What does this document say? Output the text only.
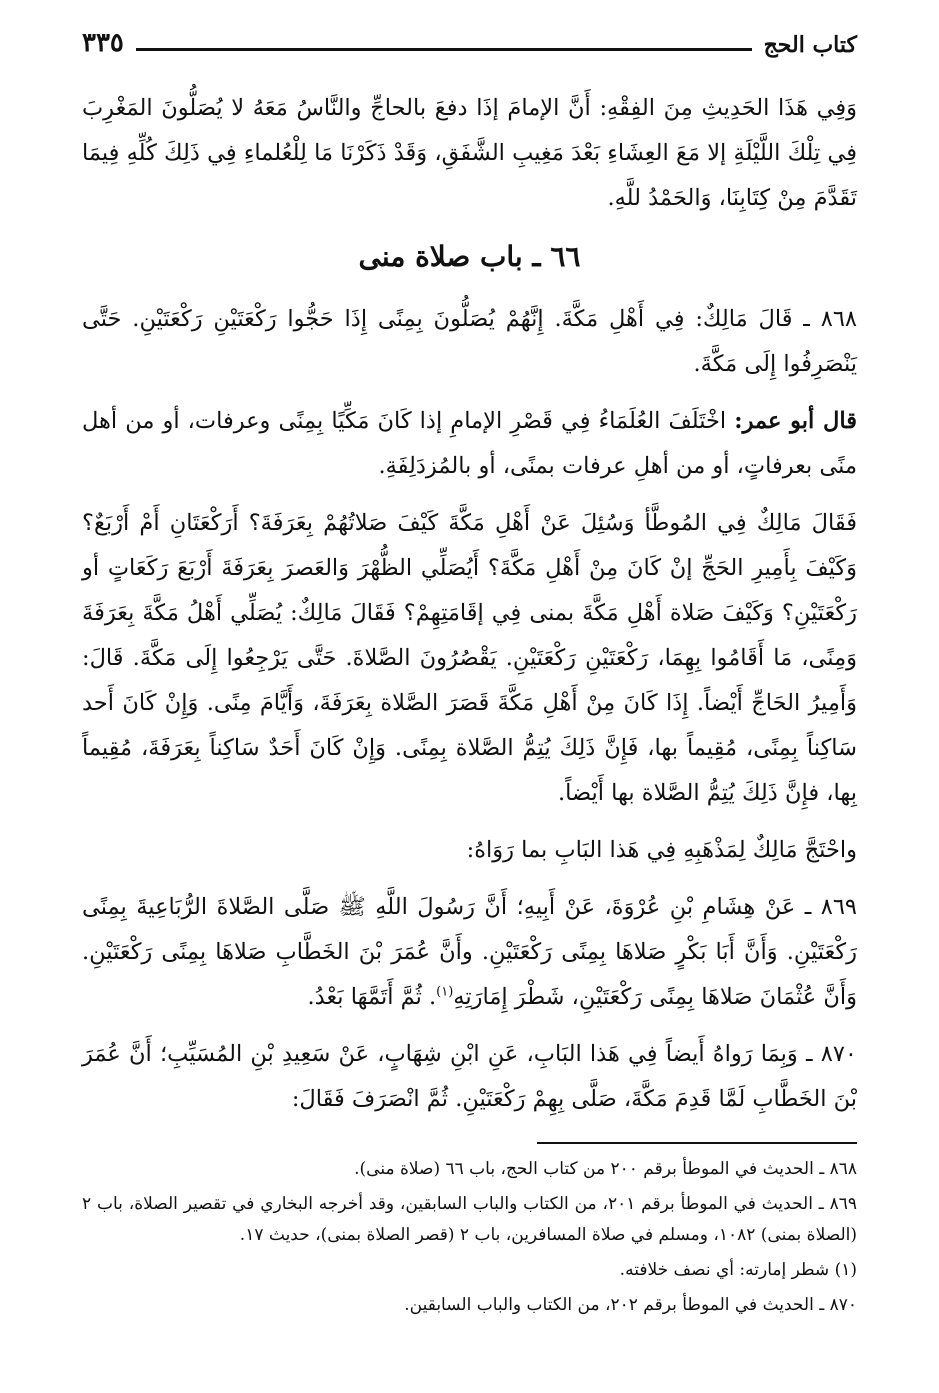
كتاب الحج
٣٣٥

وَفِي هَذَا الحَدِيثِ مِنَ الفِقْهِ: أَنَّ الإمامَ إذَا دفعَ بالحاجِّ والنَّاسُ مَعَهُ لا يُصَلُّونَ المَغْرِبَ فِي تِلْكَ اللَّيْلَةِ إلا مَعَ العِشَاءِ بَعْدَ مَغِيبِ الشَّفَقِ، وَقَدْ ذَكَرْنَا مَا لِلْعُلماءِ فِي ذَلِكَ كُلِّهِ فِيمَا تَقَدَّمَ مِنْ كِتَابِنَا، وَالحَمْدُ للَّهِ.

٦٦ ـ باب صلاة منى

٨٦٨ ـ قَالَ مَالِكٌ: فِي أَهْلِ مَكَّةَ. إِنَّهُمْ يُصَلُّونَ بِمِنًى إِذَا حَجُّوا رَكْعَتَيْنِ رَكْعَتَيْنِ. حَتَّى يَنْصَرِفُوا إِلَى مَكَّةَ.

قال أبو عمر: اخْتَلَفَ العُلَمَاءُ فِي قَصْرِ الإمامِ إذا كَانَ مَكِّيًا بِمِنًى وعرفات، أو من أهل منًى بعرفاتٍ، أو من أهلِ عرفات بمنًى، أو بالمُزدَلِفَةِ.

فَقَالَ مَالِكٌ فِي المُوطَّأ وَسُئِلَ عَنْ أَهْلِ مَكَّةَ كَيْفَ صَلاتُهُمْ بِعَرَفَةَ؟ أَرَكْعَتَانِ أَمْ أَرْبَعٌ؟ وَكَيْفَ بِأَمِيرِ الحَجِّ إنْ كَانَ مِنْ أَهْلِ مَكَّةَ؟ أَيُصَلِّي الظُّهْرَ وَالعَصرَ بِعَرَفَةَ أَرْبَعَ رَكَعَاتٍ أو رَكْعَتَيْنِ؟ وَكَيْفَ صَلاة أَهْلِ مَكَّةَ بمنى فِي إقَامَتِهِمْ؟ فَقَالَ مَالِكٌ: يُصَلِّي أَهْلُ مَكَّةَ بِعَرَفَةَ وَمِنًى، مَا أَقَامُوا بِهِمَا، رَكْعَتَيْنِ رَكْعَتَيْنِ. يَقْصُرُونَ الصَّلاةَ. حَتَّى يَرْجِعُوا إِلَى مَكَّةَ. قَالَ: وَأَمِيرُ الحَاجِّ أَيْضاً. إِذَا كَانَ مِنْ أَهْلِ مَكَّةَ قَصَرَ الصَّلاة بِعَرَفَةَ، وَأَيَّامَ مِنًى. وَإِنْ كَانَ أَحد سَاكِناً بِمِنًى، مُقِيماً بها، فَإِنَّ ذَلِكَ يُتِمُّ الصَّلاة بِمِنًى. وَإِنْ كَانَ أَحَدٌ سَاكِناً بِعَرَفَةَ، مُقِيماً بِها، فإِنَّ ذَلِكَ يُتِمُّ الصَّلاة بها أَيْضاً.

واحْتَجَّ مَالِكٌ لِمَذْهَبِهِ فِي هَذا البَابِ بما رَوَاهُ:

٨٦٩ ـ عَنْ هِشَامِ بْنِ عُرْوَةَ، عَنْ أَبِيهِ؛ أَنَّ رَسُولَ اللَّهِ ﷺ صَلَّى الصَّلاةَ الرُّبَاعِيةَ بِمِنًى رَكْعَتَيْنِ. وَأَنَّ أَبَا بَكْرٍ صَلاهَا بِمِنًى رَكْعَتَيْنِ. وأَنَّ عُمَرَ بْنَ الخَطَّابِ صَلاهَا بِمِنًى رَكْعَتَيْنِ. وَأَنَّ عُثْمَانَ صَلاهَا بِمِنًى رَكْعَتَيْنِ، شَطْرَ إِمَارَتِهِ$^{(١)}$. ثُمَّ أَتَمَّهَا بَعْدُ.

٨٧٠ ـ وَبِمَا رَواهُ أَيضاً فِي هَذا البَابِ، عَنِ ابْنِ شِهَابٍ، عَنْ سَعِيدِ بْنِ المُسَيِّبِ؛ أَنَّ عُمَرَ بْنَ الخَطَّابِ لَمَّا قَدِمَ مَكَّةَ، صَلَّى بِهِمْ رَكْعَتَيْنِ. ثُمَّ انْصَرَفَ فَقَالَ:

٨٦٨ ـ الحديث في الموطأ برقم ٢٠٠ من كتاب الحج، باب ٦٦ (صلاة منى).

٨٦٩ ـ الحديث في الموطأ برقم ٢٠١، من الكتاب والباب السابقين، وقد أخرجه البخاري في تقصير الصلاة، باب ٢ (الصلاة بمنى) ١٠٨٢، ومسلم في صلاة المسافرين، باب ٢ (قصر الصلاة بمنى)، حديث ١٧.

(١) شطر إمارته: أي نصف خلافته.

٨٧٠ ـ الحديث في الموطأ برقم ٢٠٢، من الكتاب والباب السابقين.
